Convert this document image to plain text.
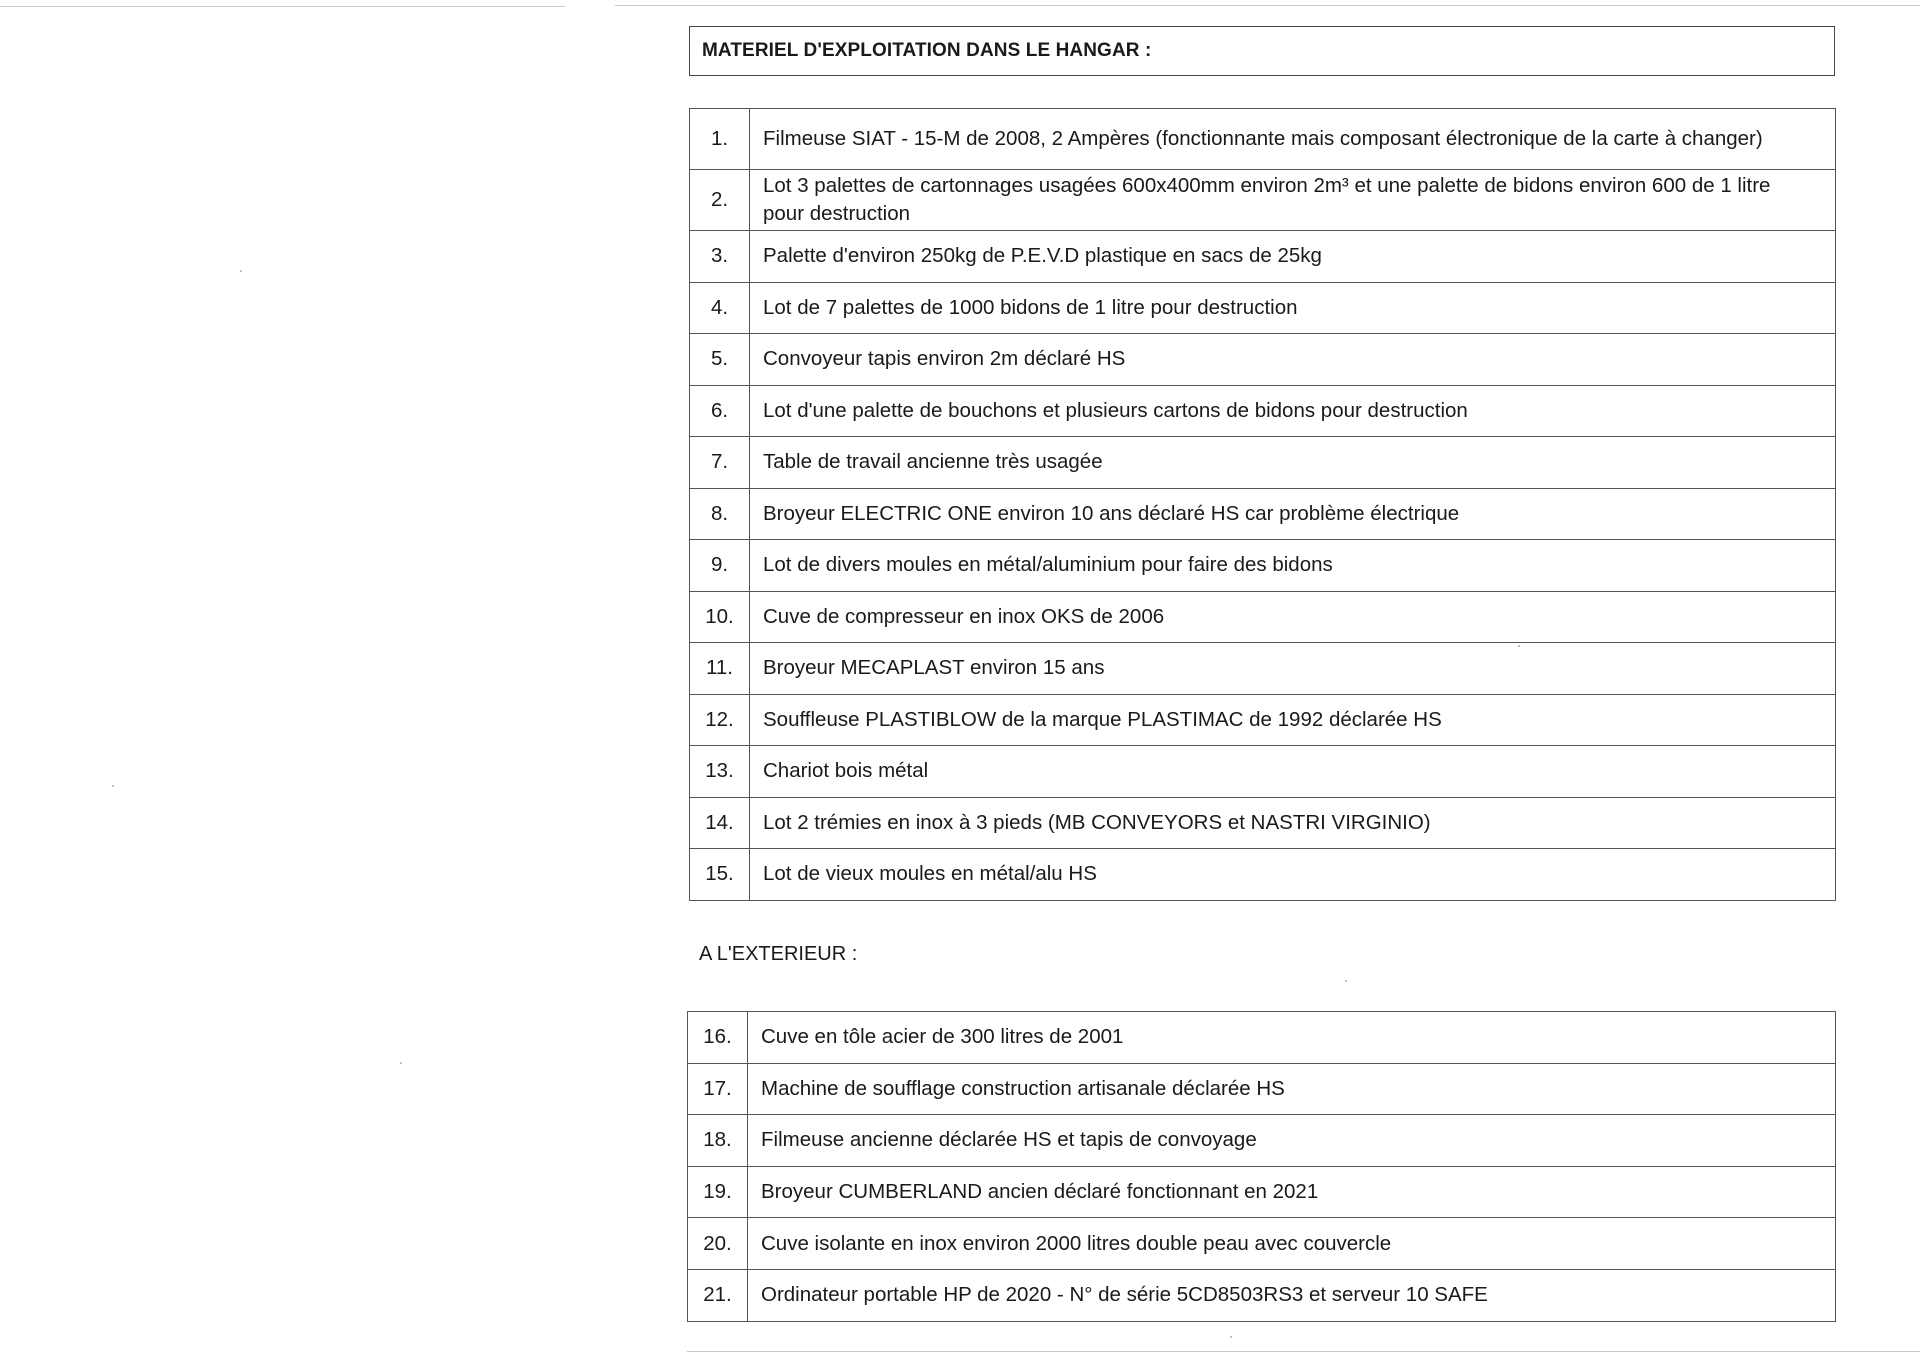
MATERIEL D'EXPLOITATION DANS LE HANGAR :
1.	Filmeuse SIAT - 15-M de 2008, 2 Ampères (fonctionnante mais composant électronique de la carte à changer)
2.	Lot 3 palettes de cartonnages usagées 600x400mm environ 2m³ et une palette de bidons environ 600 de 1 litre pour destruction
3.	Palette d'environ 250kg de P.E.V.D plastique en sacs de 25kg
4.	Lot de 7 palettes de 1000 bidons de 1 litre pour destruction
5.	Convoyeur tapis environ 2m déclaré HS
6.	Lot d'une palette de bouchons et plusieurs cartons de bidons pour destruction
7.	Table de travail ancienne très usagée
8.	Broyeur ELECTRIC ONE environ 10 ans déclaré HS car problème électrique
9.	Lot de divers moules en métal/aluminium pour faire des bidons
10.	Cuve de compresseur en inox OKS de 2006
11.	Broyeur MECAPLAST environ 15 ans
12.	Souffleuse PLASTIBLOW de la marque PLASTIMAC de 1992 déclarée HS
13.	Chariot bois métal
14.	Lot 2 trémies en inox à 3 pieds (MB CONVEYORS et NASTRI VIRGINIO)
15.	Lot de vieux moules en métal/alu HS
A L'EXTERIEUR :
16.	Cuve en tôle acier de 300 litres de 2001
17.	Machine de soufflage construction artisanale déclarée HS
18.	Filmeuse ancienne déclarée HS et tapis de convoyage
19.	Broyeur CUMBERLAND ancien déclaré fonctionnant en 2021
20.	Cuve isolante en inox environ 2000 litres double peau avec couvercle
21.	Ordinateur portable HP de 2020 - N° de série 5CD8503RS3 et serveur 10 SAFE
